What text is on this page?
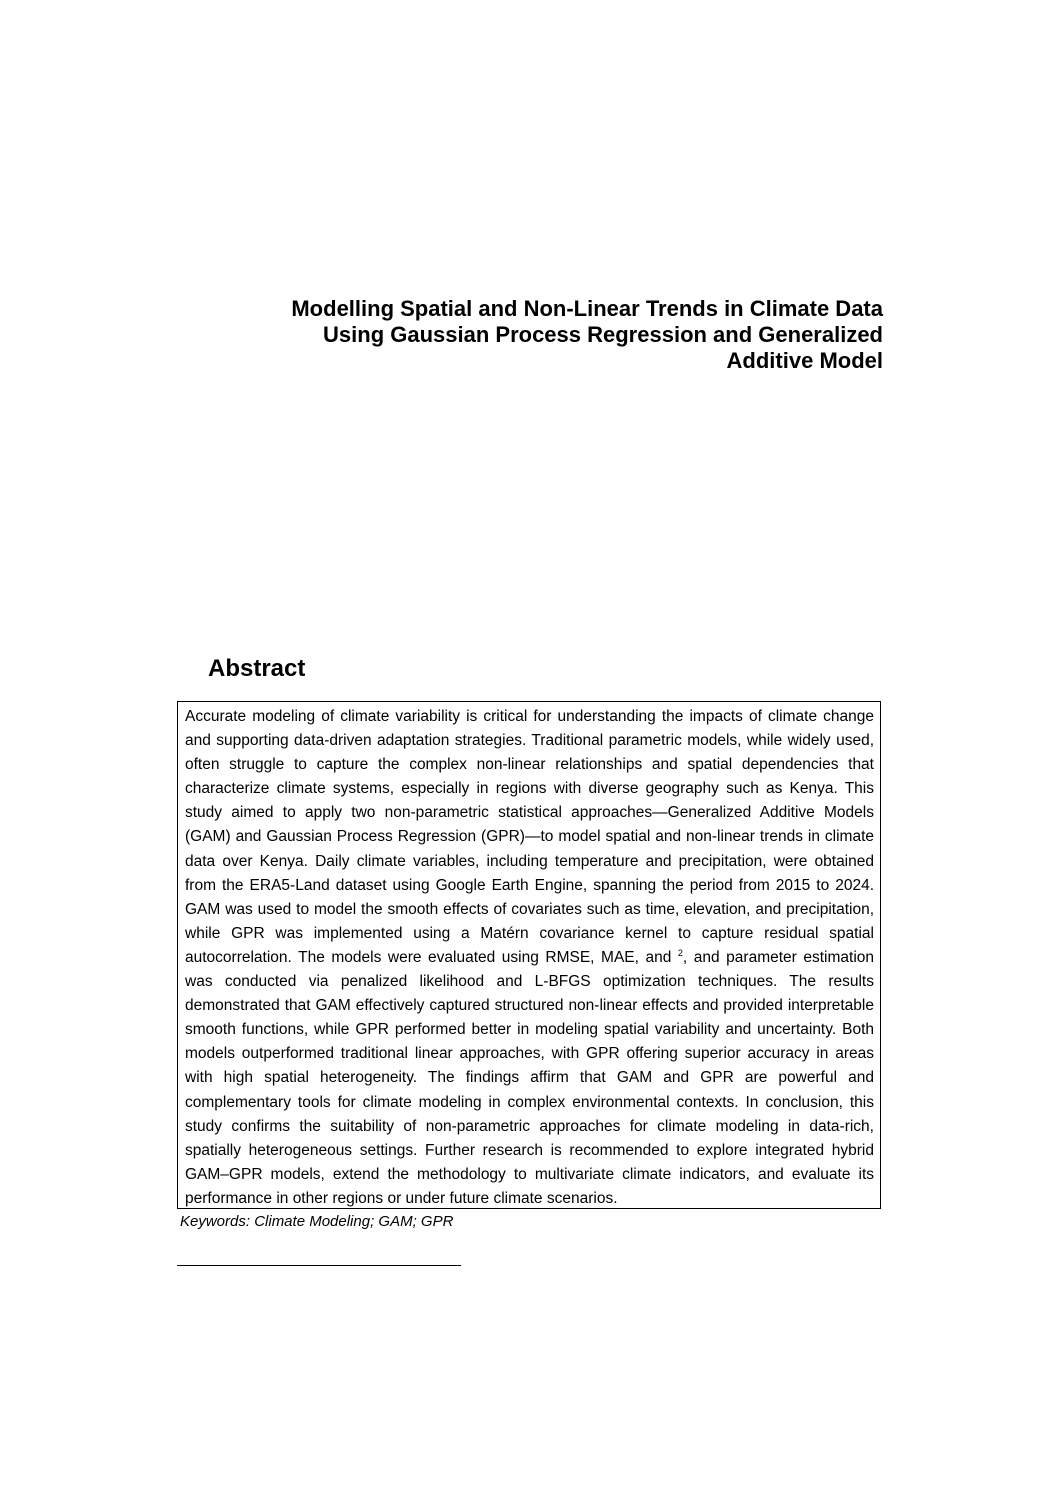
Modelling Spatial and Non-Linear Trends in Climate Data
Using Gaussian Process Regression and Generalized
Additive Model
Abstract

Accurate modeling of climate variability is critical for understanding the impacts of climate change and supporting data-driven adaptation strategies. Traditional parametric models, while widely used, often struggle to capture the complex non-linear relationships and spatial dependencies that characterize climate systems, especially in regions with diverse geography such as Kenya. This study aimed to apply two non-parametric statistical approaches—Generalized Additive Models (GAM) and Gaussian Process Regression (GPR)—to model spatial and non-linear trends in climate data over Kenya. Daily climate variables, including temperature and precipitation, were obtained from the ERA5-Land dataset using Google Earth Engine, spanning the period from 2015 to 2024. GAM was used to model the smooth effects of covariates such as time, elevation, and precipitation, while GPR was implemented using a Matérn covariance kernel to capture residual spatial autocorrelation. The models were evaluated using RMSE, MAE, and $^2$, and parameter estimation was conducted via penalized likelihood and L-BFGS optimization techniques. The results demonstrated that GAM effectively captured structured non-linear effects and provided interpretable smooth functions, while GPR performed better in modeling spatial variability and uncertainty. Both models outperformed traditional linear approaches, with GPR offering superior accuracy in areas with high spatial heterogeneity. The findings affirm that GAM and GPR are powerful and complementary tools for climate modeling in complex environmental contexts. In conclusion, this study confirms the suitability of non-parametric approaches for climate modeling in data-rich, spatially heterogeneous settings. Further research is recommended to explore integrated hybrid GAM–GPR models, extend the methodology to multivariate climate indicators, and evaluate its performance in other regions or under future climate scenarios.

Keywords: Climate Modeling; GAM; GPR
